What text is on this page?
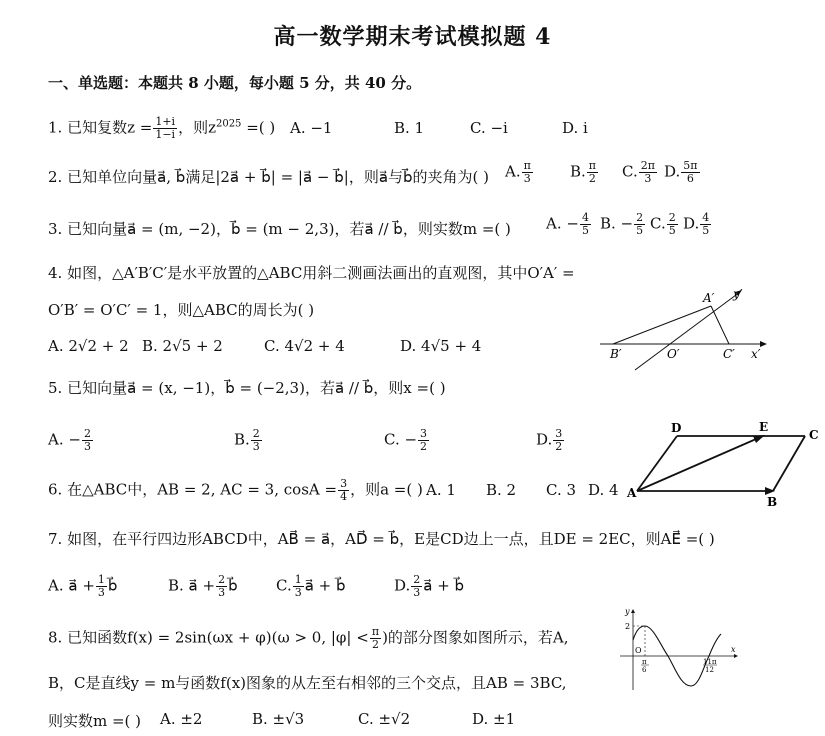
高一数学期末考试模拟题 4
一、单选题：本题共 8 小题，每小题 5 分，共 40 分。
1. 已知复数$z = \frac{1+i}{1-i}$ ，则$z^{2025}$ =( ) A. −1	B. 1	C. −i	D. i
2. 已知单位向量a⃗, b⃗满足|2a⃗ + b⃗| = |a⃗ − b⃗|，则a⃗与b⃗的夹角为( ) A. $\frac{\pi}{3} B$. $\frac{\pi}{2} C$. $\frac{2\pi}{3} D$. $\frac{5\pi}{6}$
3. 已知向量a⃗ = (m, −2)，b⃗ = (m − 2,3)，若a⃗ // b⃗，则实数m =( ) A. − $\frac{4}{5} B$. − $\frac{2}{5} C$. $\frac{2}{5} D$. $\frac{4}{5}$
4. 如图，△A′B′C′是水平放置的△ABC用斜二测画法画出的直观图，其中O′A′ =
O′B′ = O′C′ = 1，则△ABC的周长为( )
A. 2√2 + 2 B. 2√5 + 2	C. 4√2 + 4	D. 4√5 + 4
A′ y′
B′	O′	C′ x′
5. 已知向量a⃗ = (x, −1)，b⃗ = (−2,3)，若a⃗ // b⃗，则x =( )
A. − $\frac{2}{3}$	B. $\frac{2}{3}$	C. − $\frac{3}{2}$	D. $\frac{3}{2}$	D	E
C
A
B
6. 在△ABC中，AB = 2, AC = 3, $\cos A = \frac{3}{4}$ ，则a =( ) A. 1 B. 2 C. 3 D. 4
7. 如图，在平行四边形ABCD中，AB⃗ = a⃗，AD⃗ = b⃗，E是CD边上一点，且DE = 2EC，则AE⃗ =( )
A. a⃗ + $\frac{1}{3}$ b⃗	B. a⃗ + $\frac{2}{3}$ b⃗	C. $\frac{1}{3}$ a⃗ + b⃗	D. $\frac{2}{3}$ a⃗ + b⃗
8. 已知函数f(x) = 2sin(ωx + φ)(ω > 0, $|\varphi| < \frac{\pi}{2}$ )的部分图象如图所示，若A,
B，C是直线y = m与函数f(x)图象的从左至右相邻的三个交点，且AB = 3BC,
则实数m =( ) A. ±2	B. ±√3	C. ±√2	D. ±1
y
2
O
π
6
11π
12
x
